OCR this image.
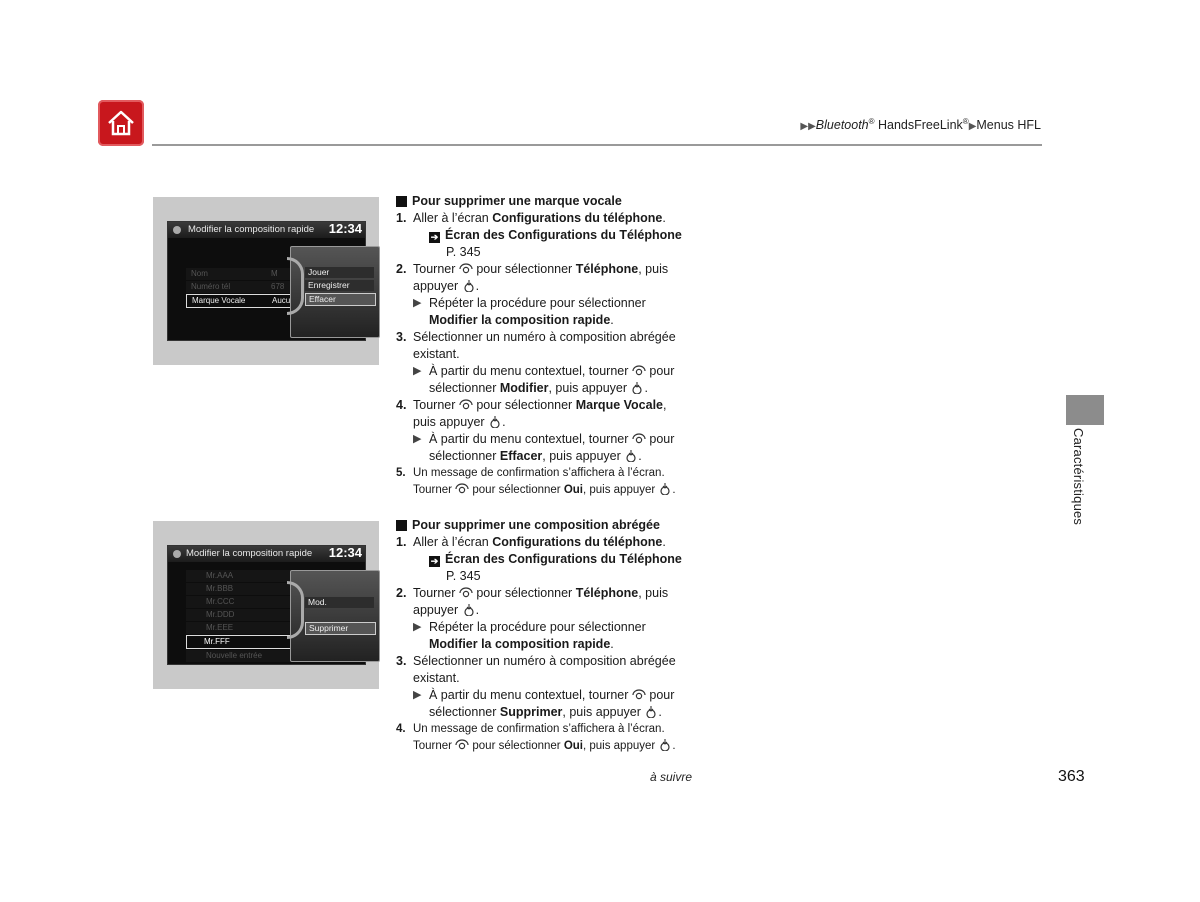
▶▶Bluetooth® HandsFreeLink®▶Menus HFL
Caractéristiques
Modifier la composition rapide 12:34
Nom	M
Numéro tél	678
Marque Vocale	Aucu
Jouer
Enregistrer
Effacer
Modifier la composition rapide 12:34
Mr.AAA
Mr.BBB
Mr.CCC
Mr.DDD
Mr.EEE
Mr.FFF
Nouvelle entrée
Mod.
Supprimer
Pour supprimer une marque vocale
1. Aller à l’écran Configurations du téléphone.
➔ Écran des Configurations du Téléphone
P. 345
2. Tourner  pour sélectionner Téléphone, puis
appuyer .
▶ Répéter la procédure pour sélectionner
Modifier la composition rapide.
3. Sélectionner un numéro à composition abrégée
existant.
▶ À partir du menu contextuel, tourner  pour
sélectionner Modifier, puis appuyer .
4. Tourner  pour sélectionner Marque Vocale,
puis appuyer .
▶ À partir du menu contextuel, tourner  pour
sélectionner Effacer, puis appuyer .
5. Un message de confirmation s’affichera à l’écran.
Tourner  pour sélectionner Oui, puis appuyer .
Pour supprimer une composition abrégée
1. Aller à l’écran Configurations du téléphone.
➔ Écran des Configurations du Téléphone
P. 345
2. Tourner  pour sélectionner Téléphone, puis
appuyer .
▶ Répéter la procédure pour sélectionner
Modifier la composition rapide.
3. Sélectionner un numéro à composition abrégée
existant.
▶ À partir du menu contextuel, tourner  pour
sélectionner Supprimer, puis appuyer .
4. Un message de confirmation s’affichera à l’écran.
Tourner  pour sélectionner Oui, puis appuyer .
à suivre	363
